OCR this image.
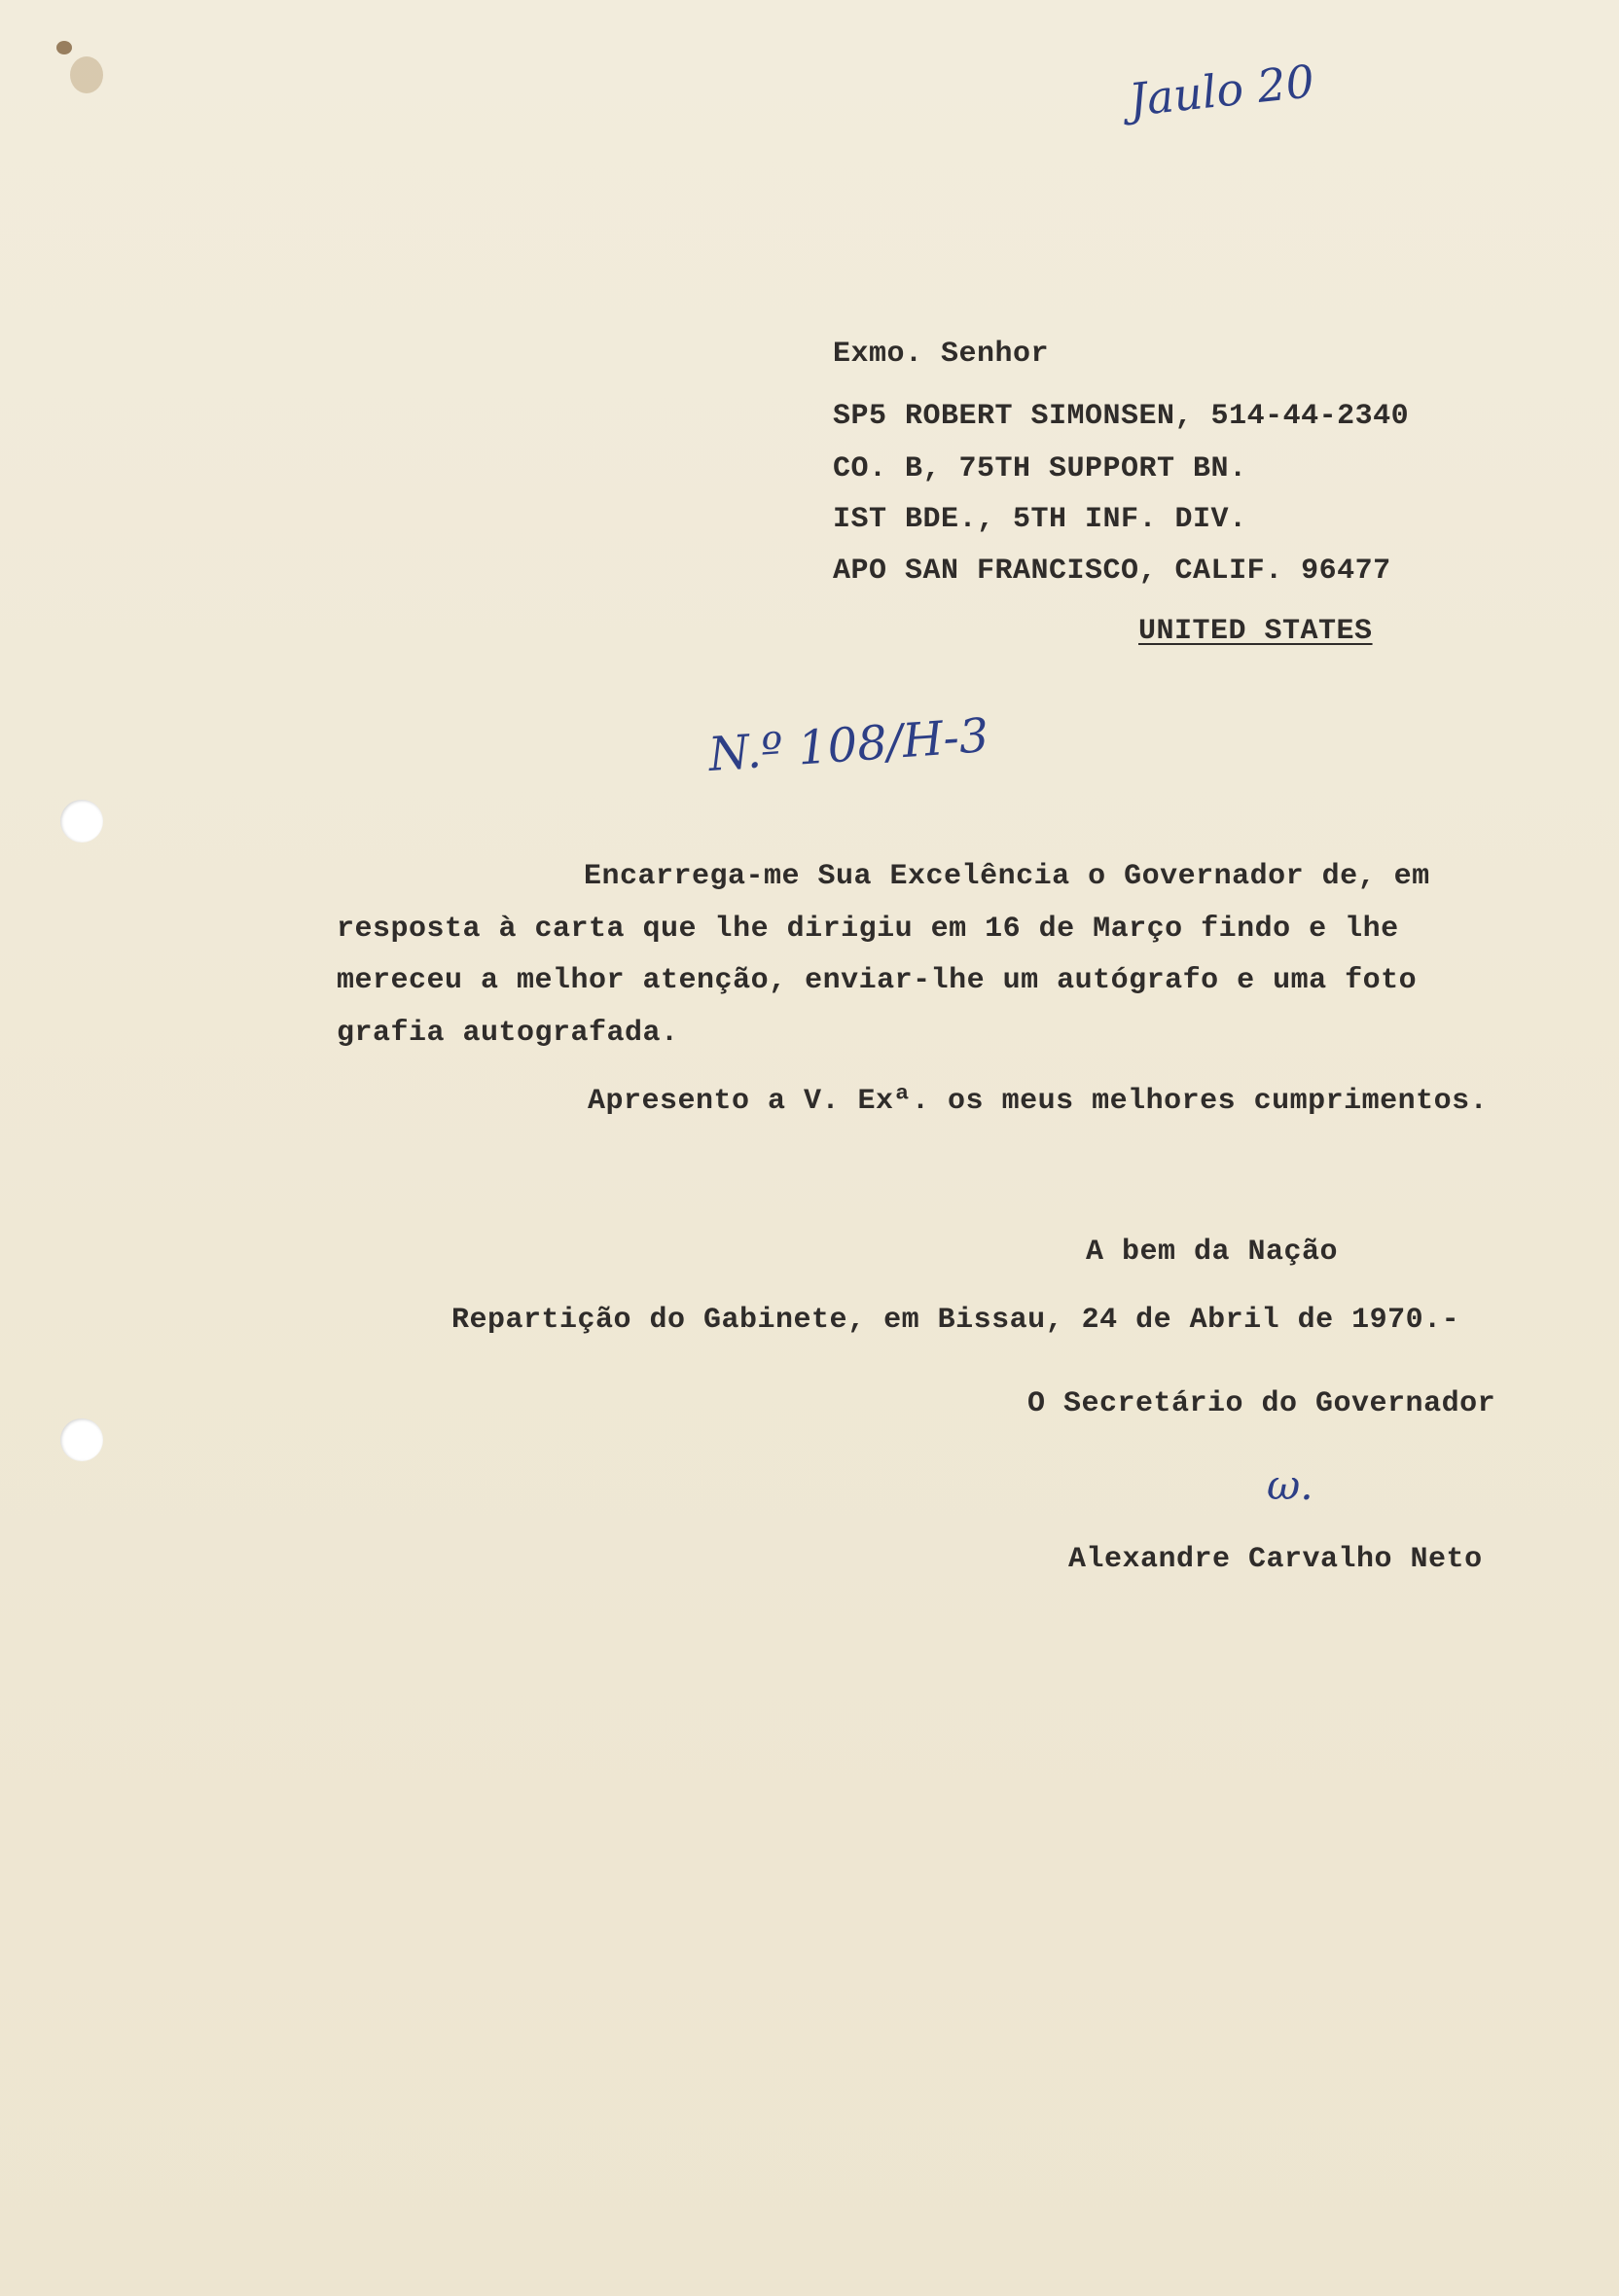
Jaulo 20
Exmo. Senhor
SP5 ROBERT SIMONSEN, 514-44-2340
CO. B, 75TH SUPPORT BN.
IST BDE., 5TH INF. DIV.
APO SAN FRANCISCO, CALIF. 96477
UNITED STATES
N.º 108/H-3
Encarrega-me Sua Excelência o Governador de, em
resposta à carta que lhe dirigiu em 16 de Março findo e lhe
mereceu a melhor atenção, enviar-lhe um autógrafo e uma foto
grafia autografada.
Apresento a V. Exª. os meus melhores cumprimentos.
A bem da Nação
Repartição do Gabinete, em Bissau, 24 de Abril de 1970.-
O Secretário do Governador
ω.
Alexandre Carvalho Neto
